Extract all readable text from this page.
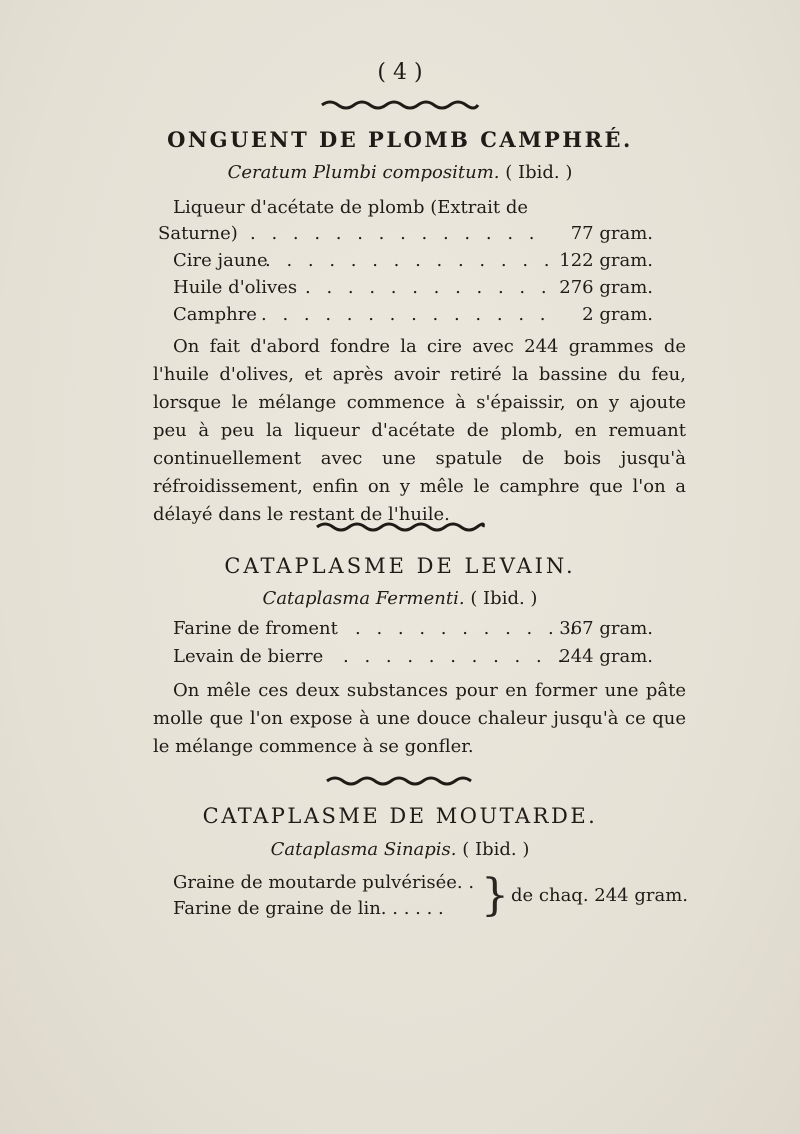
( 4 )
ONGUENT DE PLOMB CAMPHRÉ.
Ceratum Plumbi compositum. ( Ibid. )
Liqueur d'acétate de plomb (Extrait de
Saturne) . . . . . . . . . . . . . . 77 gram.
Cire jaune
. . . . . . . . . . . . . . 122 gram.
Huile d'olives . . . . . . . . . . . . 276 gram.
Camphre . . . . . . . . . . . . . . 2 gram.
On fait d'abord fondre la cire avec 244 grammes de l'huile d'olives, et après avoir retiré la bassine du feu, lorsque le mélange commence à s'épaissir, on y ajoute peu à peu la liqueur d'acétate de plomb, en remuant continuellement avec une spatule de bois jusqu'à réfroidissement, enfin on y mêle le camphre que l'on a délayé dans le restant de l'huile.
CATAPLASME DE LEVAIN.
Cataplasma Fermenti. ( Ibid. )
Farine de froment . . . . . . . . . . .
367 gram.
Levain de bierre . . . . . . . . . . .
244 gram.
On mêle ces deux substances pour en former une pâte molle que l'on expose à une douce chaleur jusqu'à ce que le mélange commence à se gonfler.
CATAPLASME DE MOUTARDE.
Cataplasma Sinapis. ( Ibid. )
Graine de moutarde pulvérisée. .
Farine de graine de lin. . . . . . } de chaq. 244 gram.
